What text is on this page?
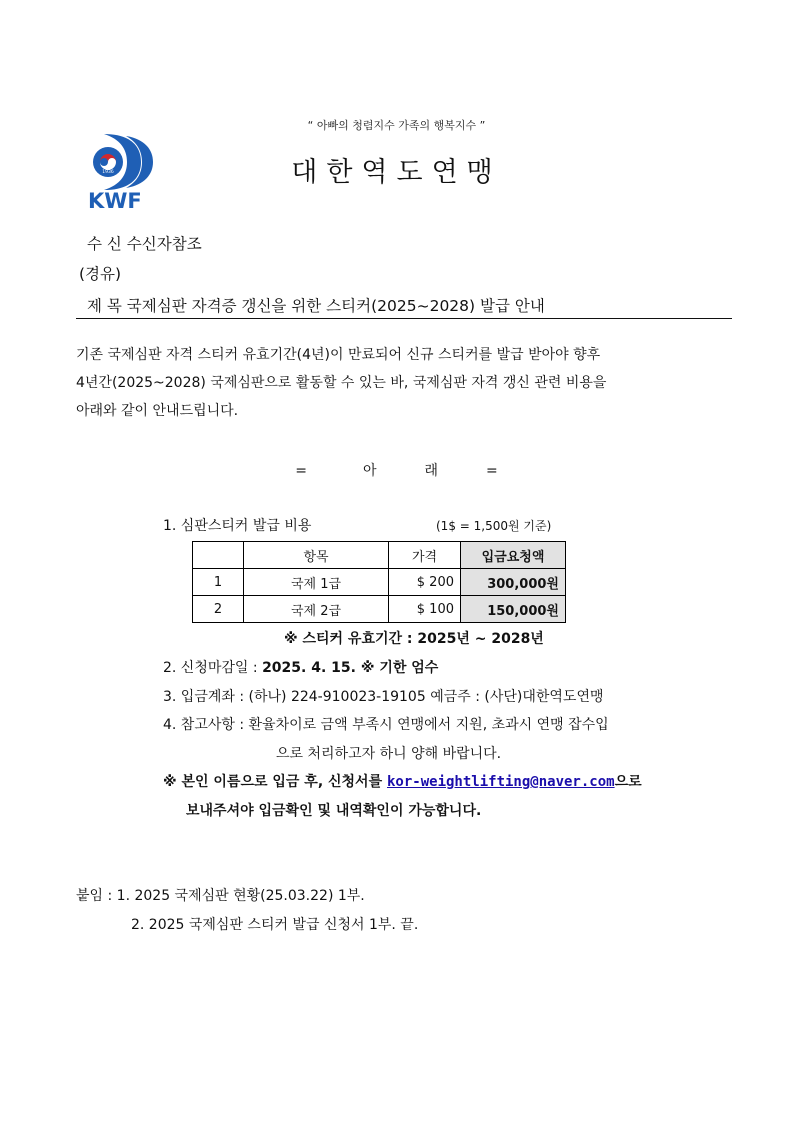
“ 아빠의 청렴지수 가족의 행복지수 ”
1936
KWF
대한역도연맹
수 신 수신자참조
(경유)
제 목 국제심판 자격증 갱신을 위한 스티커(2025~2028) 발급 안내
기존 국제심판 자격 스티커 유효기간(4년)이 만료되어 신규 스티커를 발급 받아야 향후
4년간(2025~2028) 국제심판으로 활동할 수 있는 바, 국제심판 자격 갱신 관련 비용을
아래와 같이 안내드립니다.
=	아	래	=
1. 심판스티커 발급 비용	(1$ = 1,500원 기준)
	항목	가격	입금요청액
1	국제 1급	$ 200	300,000원
2	국제 2급	$ 100	150,000원
※ 스티커 유효기간 : 2025년 ~ 2028년
2. 신청마감일 : 2025. 4. 15. ※ 기한 엄수
3. 입금계좌 : (하나) 224-910023-19105 예금주 : (사단)대한역도연맹
4. 참고사항 : 환율차이로 금액 부족시 연맹에서 지원, 초과시 연맹 잡수입
으로 처리하고자 하니 양해 바랍니다.
※ 본인 이름으로 입금 후, 신청서를 kor-weightlifting@naver.com으로
보내주셔야 입금확인 및 내역확인이 가능합니다.
붙임 : 1. 2025 국제심판 현황(25.03.22) 1부.
2. 2025 국제심판 스티커 발급 신청서 1부. 끝.
